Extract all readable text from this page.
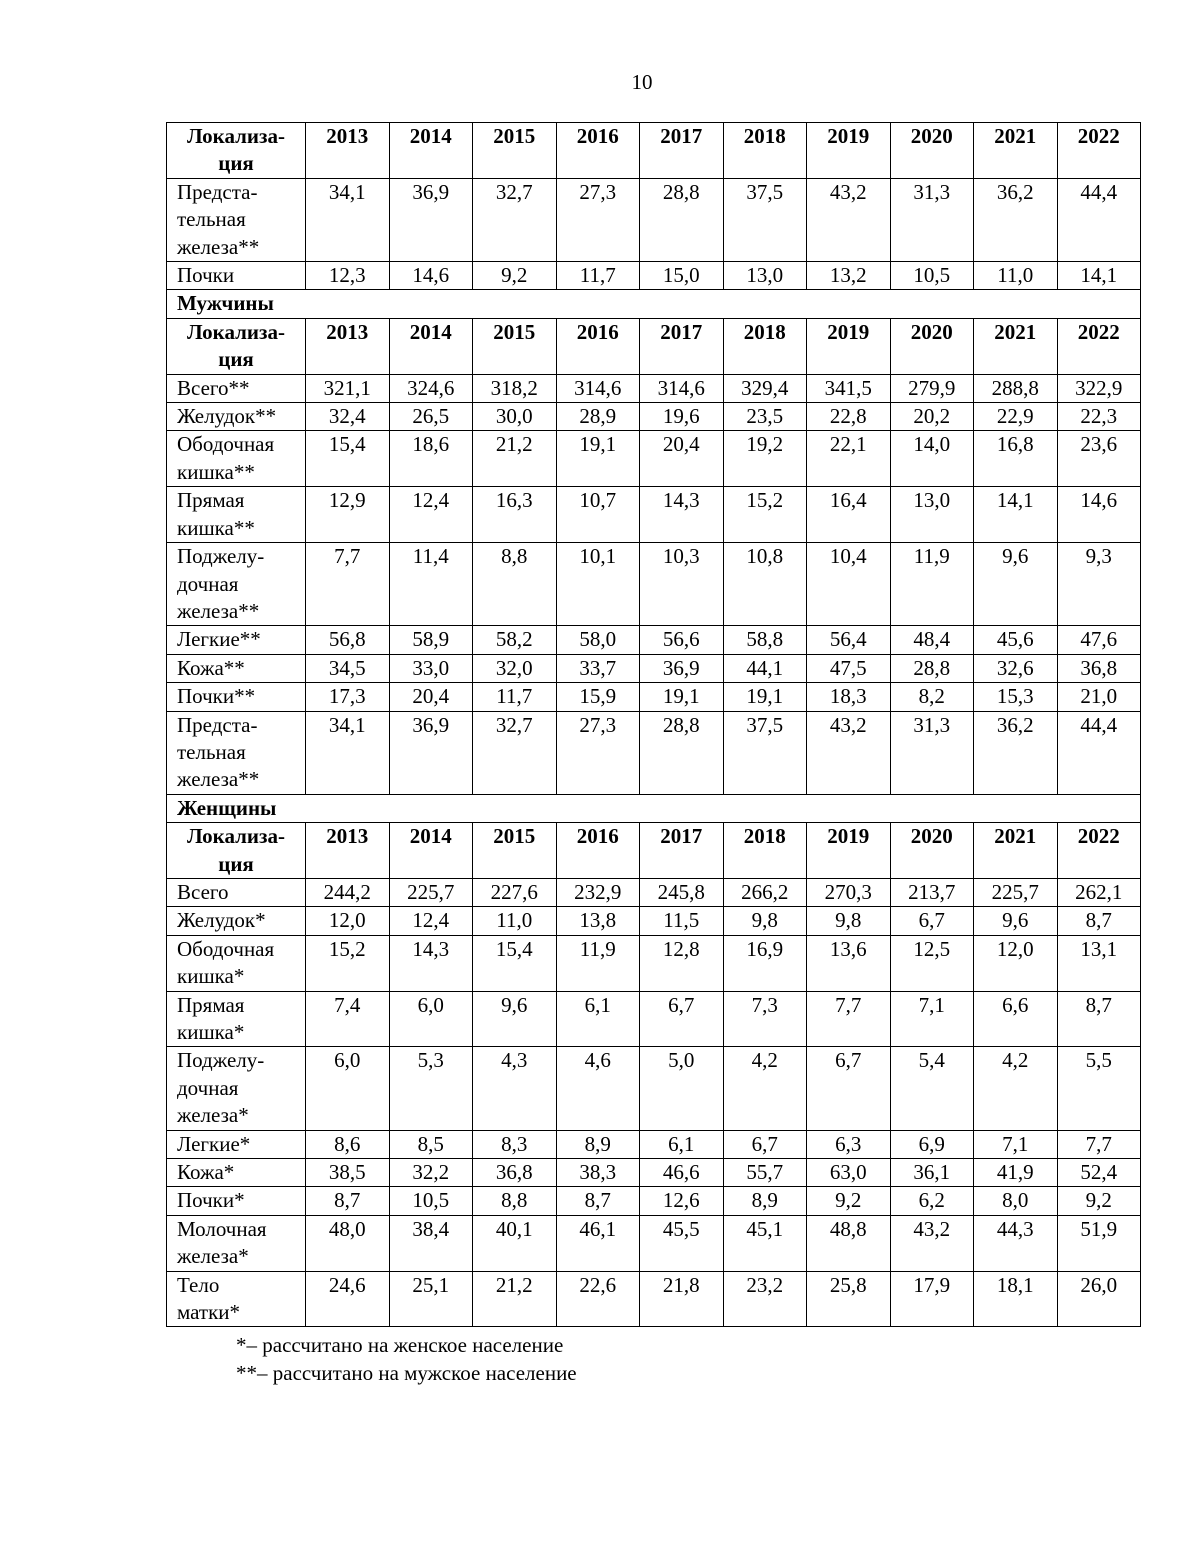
10
Локализа-
ция	2013	2014	2015	2016	2017	2018	2019	2020	2021	2022
Предста-
тельная
железа**	34,1	36,9	32,7	27,3	28,8	37,5	43,2	31,3	36,2	44,4
Почки	12,3	14,6	9,2	11,7	15,0	13,0	13,2	10,5	11,0	14,1
Мужчины										
Локализа-
ция	2013	2014	2015	2016	2017	2018	2019	2020	2021	2022
Всего**	321,1	324,6	318,2	314,6	314,6	329,4	341,5	279,9	288,8	322,9
Желудок**	32,4	26,5	30,0	28,9	19,6	23,5	22,8	20,2	22,9	22,3
Ободочная
кишка**	15,4	18,6	21,2	19,1	20,4	19,2	22,1	14,0	16,8	23,6
Прямая
кишка**	12,9	12,4	16,3	10,7	14,3	15,2	16,4	13,0	14,1	14,6
Поджелу-
дочная
железа**	7,7	11,4	8,8	10,1	10,3	10,8	10,4	11,9	9,6	9,3
Легкие**	56,8	58,9	58,2	58,0	56,6	58,8	56,4	48,4	45,6	47,6
Кожа**	34,5	33,0	32,0	33,7	36,9	44,1	47,5	28,8	32,6	36,8
Почки**	17,3	20,4	11,7	15,9	19,1	19,1	18,3	8,2	15,3	21,0
Предста-
тельная
железа**	34,1	36,9	32,7	27,3	28,8	37,5	43,2	31,3	36,2	44,4
Женщины										
Локализа-
ция	2013	2014	2015	2016	2017	2018	2019	2020	2021	2022
Всего	244,2	225,7	227,6	232,9	245,8	266,2	270,3	213,7	225,7	262,1
Желудок*	12,0	12,4	11,0	13,8	11,5	9,8	9,8	6,7	9,6	8,7
Ободочная
кишка*	15,2	14,3	15,4	11,9	12,8	16,9	13,6	12,5	12,0	13,1
Прямая
кишка*	7,4	6,0	9,6	6,1	6,7	7,3	7,7	7,1	6,6	8,7
Поджелу-
дочная
железа*	6,0	5,3	4,3	4,6	5,0	4,2	6,7	5,4	4,2	5,5
Легкие*	8,6	8,5	8,3	8,9	6,1	6,7	6,3	6,9	7,1	7,7
Кожа*	38,5	32,2	36,8	38,3	46,6	55,7	63,0	36,1	41,9	52,4
Почки*	8,7	10,5	8,8	8,7	12,6	8,9	9,2	6,2	8,0	9,2
Молочная
железа*	48,0	38,4	40,1	46,1	45,5	45,1	48,8	43,2	44,3	51,9
Тело
матки*	24,6	25,1	21,2	22,6	21,8	23,2	25,8	17,9	18,1	26,0
*– рассчитано на женское население
**– рассчитано на мужское население
